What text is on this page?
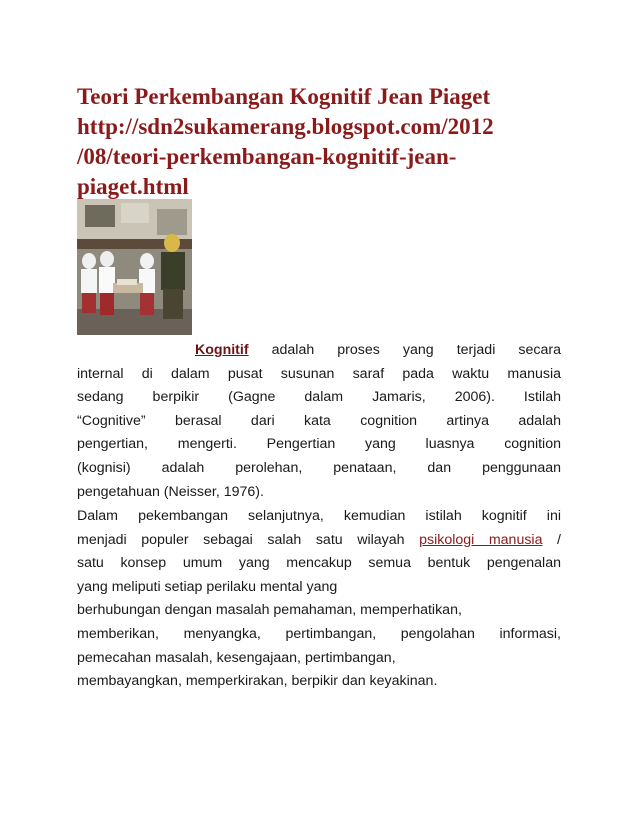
Teori Perkembangan Kognitif Jean Piaget
http://sdn2sukamerang.blogspot.com/2012
/08/teori-perkembangan-kognitif-jean-
piaget.html
Kognitif adalah proses yang terjadi secara
internal di dalam pusat susunan saraf pada waktu manusia
sedang berpikir (Gagne dalam Jamaris, 2006). Istilah
“Cognitive” berasal dari kata cognition artinya adalah
pengertian, mengerti. Pengertian yang luasnya cognition
(kognisi) adalah perolehan, penataan, dan penggunaan
pengetahuan (Neisser, 1976).
Dalam pekembangan selanjutnya, kemudian istilah kognitif ini
menjadi populer sebagai salah satu wilayah psikologi manusia /
satu konsep umum yang mencakup semua bentuk pengenalan
yang meliputi setiap perilaku mental yang
berhubungan dengan masalah pemahaman, memperhatikan,
memberikan, menyangka, pertimbangan, pengolahan informasi,
pemecahan masalah, kesengajaan, pertimbangan,
membayangkan, memperkirakan, berpikir dan keyakinan.
